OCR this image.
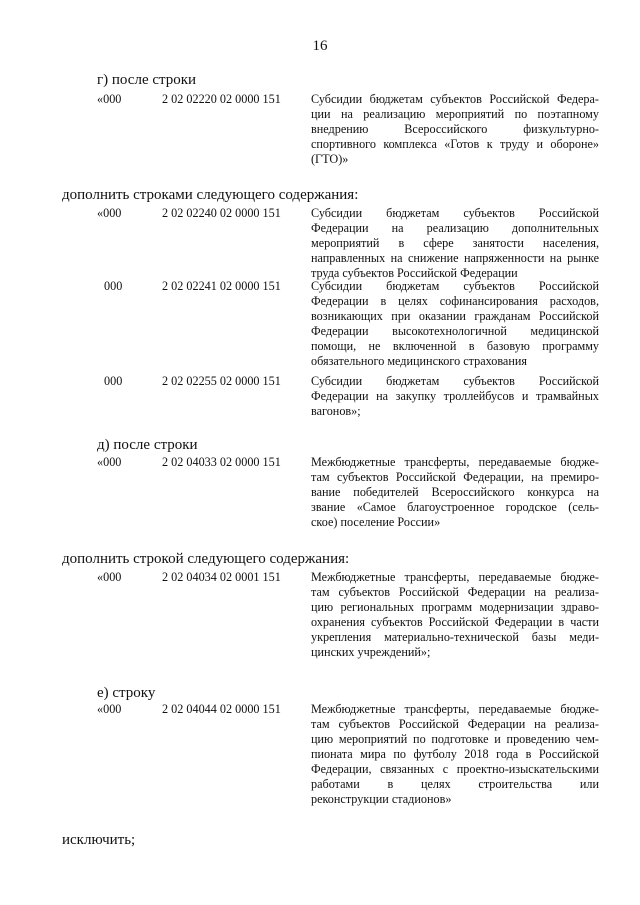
16
г) после строки
«000	2 02 02220 02 0000 151 Субсидии бюджетам субъектов Российской Федера-
ции на реализацию мероприятий по поэтапному
внедрению Всероссийского физкультурно-
спортивного комплекса «Готов к труду и обороне»
(ГТО)»
дополнить строками следующего содержания:
«000	2 02 02240 02 0000 151 Субсидии бюджетам субъектов Российской
Федерации на реализацию дополнительных
мероприятий в сфере занятости населения,
направленных на снижение напряженности на рынке
труда субъектов Российской Федерации
000	2 02 02241 02 0000 151 Субсидии бюджетам субъектов Российской
Федерации в целях софинансирования расходов,
возникающих при оказании гражданам Российской
Федерации высокотехнологичной медицинской
помощи, не включенной в базовую программу
обязательного медицинского страхования
000	2 02 02255 02 0000 151 Субсидии бюджетам субъектов Российской
Федерации на закупку троллейбусов и трамвайных
вагонов»;
д) после строки
«000	2 02 04033 02 0000 151 Межбюджетные трансферты, передаваемые бюдже-
там субъектов Российской Федерации, на премиро-
вание победителей Всероссийского конкурса на
звание «Самое благоустроенное городское (сель-
ское) поселение России»
дополнить строкой следующего содержания:
«000	2 02 04034 02 0001 151 Межбюджетные трансферты, передаваемые бюдже-
там субъектов Российской Федерации на реализа-
цию региональных программ модернизации здраво-
охранения субъектов Российской Федерации в части
укрепления материально-технической базы меди-
цинских учреждений»;
е) строку
«000	2 02 04044 02 0000 151 Межбюджетные трансферты, передаваемые бюдже-
там субъектов Российской Федерации на реализа-
цию мероприятий по подготовке и проведению чем-
пионата мира по футболу 2018 года в Российской
Федерации, связанных с проектно-изыскательскими
работами в целях строительства или
реконструкции стадионов»
исключить;
